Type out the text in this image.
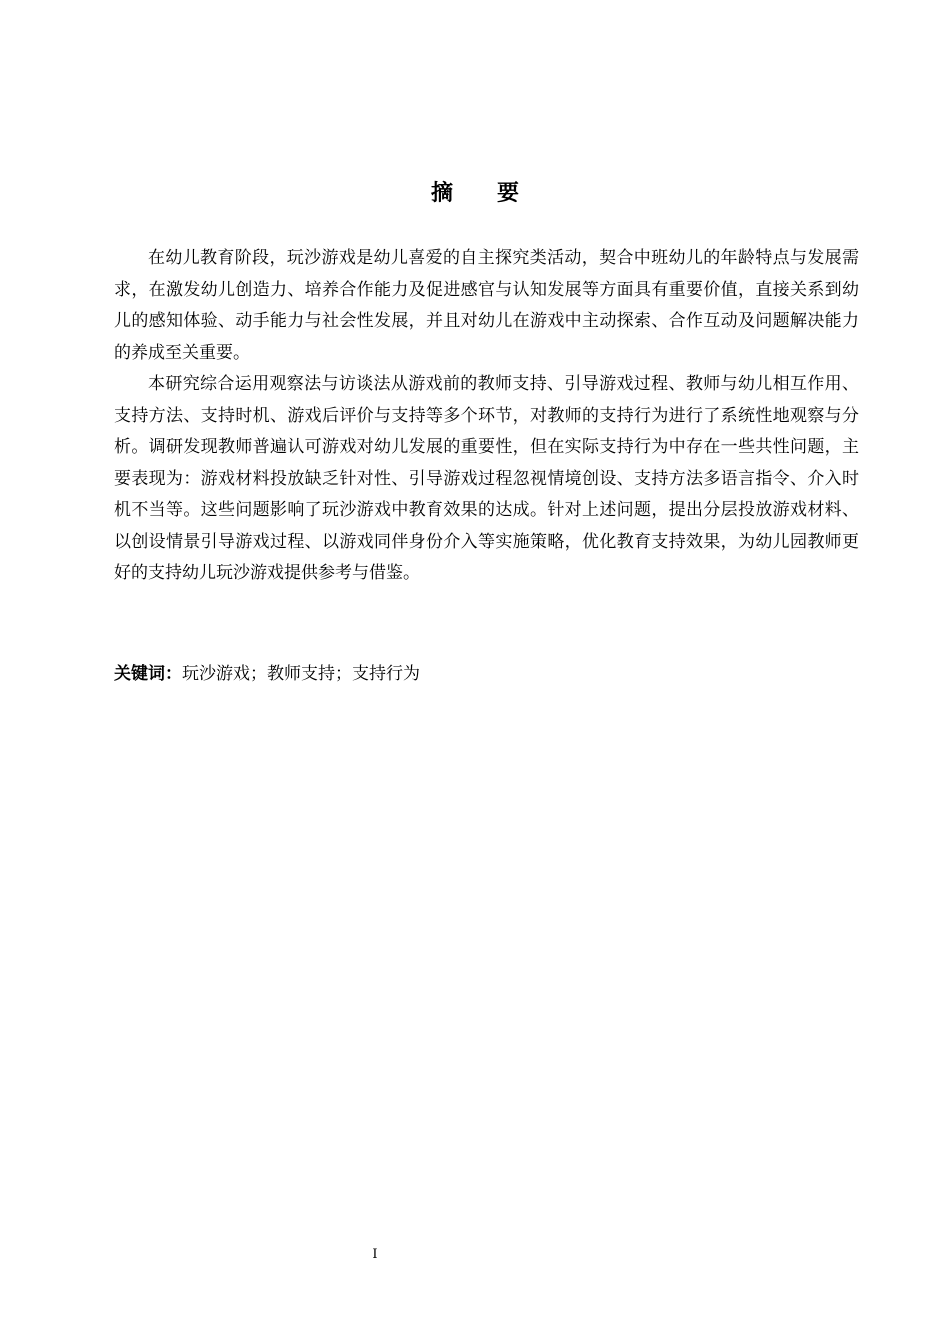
摘 要

在幼儿教育阶段，玩沙游戏是幼儿喜爱的自主探究类活动，契合中班幼儿的年龄特点与发展需求，在激发幼儿创造力、培养合作能力及促进感官与认知发展等方面具有重要价值，直接关系到幼儿的感知体验、动手能力与社会性发展，并且对幼儿在游戏中主动探索、合作互动及问题解决能力的养成至关重要。

本研究综合运用观察法与访谈法从游戏前的教师支持、引导游戏过程、教师与幼儿相互作用、支持方法、支持时机、游戏后评价与支持等多个环节，对教师的支持行为进行了系统性地观察与分析。调研发现教师普遍认可游戏对幼儿发展的重要性，但在实际支持行为中存在一些共性问题，主要表现为：游戏材料投放缺乏针对性、引导游戏过程忽视情境创设、支持方法多语言指令、介入时机不当等。这些问题影响了玩沙游戏中教育效果的达成。针对上述问题，提出分层投放游戏材料、以创设情景引导游戏过程、以游戏同伴身份介入等实施策略，优化教育支持效果，为幼儿园教师更好的支持幼儿玩沙游戏提供参考与借鉴。

关键词：玩沙游戏；教师支持；支持行为
I
